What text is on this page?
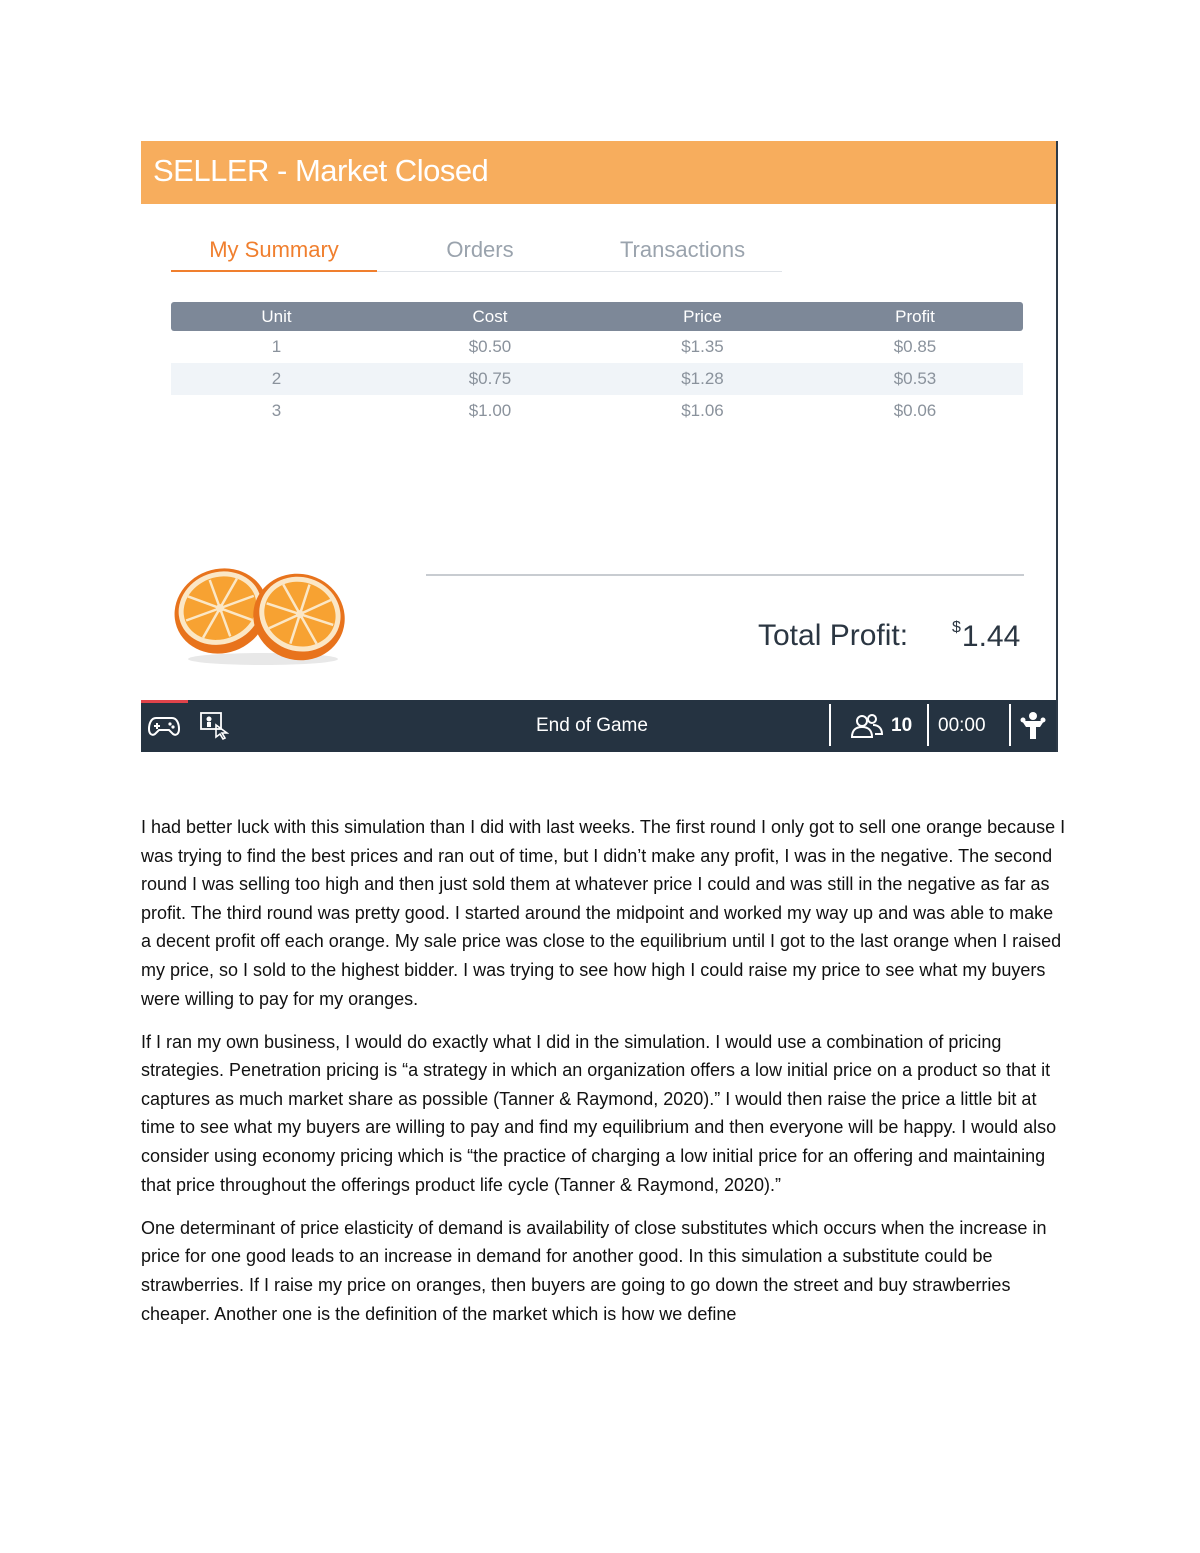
SELLER - Market Closed
My Summary	Orders	Transactions
Unit	Cost	Price	Profit
1	$0.50	$1.35	$0.85
2	$0.75	$1.28	$0.53
3	$1.00	$1.06	$0.06
Total Profit:	$1.44
End of Game	10 00:00

I had better luck with this simulation than I did with last weeks. The first round I only got to sell one orange because I was trying to find the best prices and ran out of time, but I didn’t make any profit, I was in the negative. The second round I was selling too high and then just sold them at whatever price I could and was still in the negative as far as profit. The third round was pretty good. I started around the midpoint and worked my way up and was able to make a decent profit off each orange. My sale price was close to the equilibrium until I got to the last orange when I raised my price, so I sold to the highest bidder. I was trying to see how high I could raise my price to see what my buyers were willing to pay for my oranges.

If I ran my own business, I would do exactly what I did in the simulation. I would use a combination of pricing strategies. Penetration pricing is “a strategy in which an organization offers a low initial price on a product so that it captures as much market share as possible (Tanner & Raymond, 2020).” I would then raise the price a little bit at time to see what my buyers are willing to pay and find my equilibrium and then everyone will be happy. I would also consider using economy pricing which is “the practice of charging a low initial price for an offering and maintaining that price throughout the offerings product life cycle (Tanner & Raymond, 2020).”

One determinant of price elasticity of demand is availability of close substitutes which occurs when the increase in price for one good leads to an increase in demand for another good. In this simulation a substitute could be strawberries. If I raise my price on oranges, then buyers are going to go down the street and buy strawberries cheaper. Another one is the definition of the market which is how we define
